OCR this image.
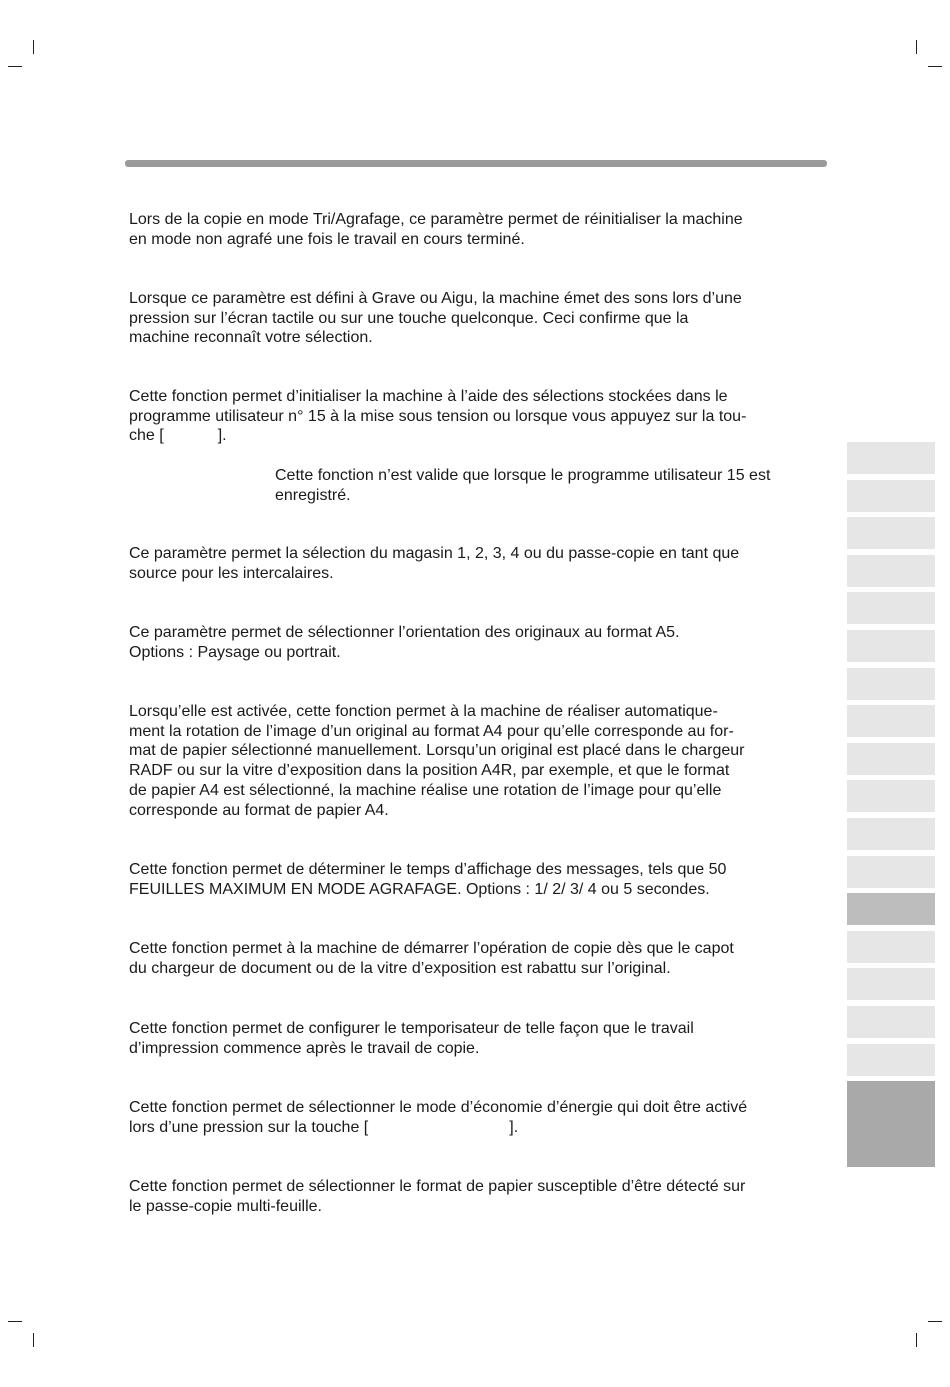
Lors de la copie en mode Tri/Agrafage, ce paramètre permet de réinitialiser la machine
en mode non agrafé une fois le travail en cours terminé.

Lorsque ce paramètre est défini à Grave ou Aigu, la machine émet des sons lors d’une
pression sur l’écran tactile ou sur une touche quelconque. Ceci confirme que la
machine reconnaît votre sélection.

Cette fonction permet d’initialiser la machine à l’aide des sélections stockées dans le
programme utilisateur n° 15 à la mise sous tension ou lorsque vous appuyez sur la tou-
che [	].

Cette fonction n’est valide que lorsque le programme utilisateur 15 est
enregistré.

Ce paramètre permet la sélection du magasin 1, 2, 3, 4 ou du passe-copie en tant que
source pour les intercalaires.

Ce paramètre permet de sélectionner l’orientation des originaux au format A5.
Options : Paysage ou portrait.

Lorsqu’elle est activée, cette fonction permet à la machine de réaliser automatique-
ment la rotation de l’image d’un original au format A4 pour qu’elle corresponde au for-
mat de papier sélectionné manuellement. Lorsqu’un original est placé dans le chargeur
RADF ou sur la vitre d’exposition dans la position A4R, par exemple, et que le format
de papier A4 est sélectionné, la machine réalise une rotation de l’image pour qu’elle
corresponde au format de papier A4.

Cette fonction permet de déterminer le temps d’affichage des messages, tels que 50
FEUILLES MAXIMUM EN MODE AGRAFAGE. Options : 1/ 2/ 3/ 4 ou 5 secondes.

Cette fonction permet à la machine de démarrer l’opération de copie dès que le capot
du chargeur de document ou de la vitre d’exposition est rabattu sur l’original.

Cette fonction permet de configurer le temporisateur de telle façon que le travail
d’impression commence après le travail de copie.

Cette fonction permet de sélectionner le mode d’économie d’énergie qui doit être activé
lors d’une pression sur la touche [	].

Cette fonction permet de sélectionner le format de papier susceptible d’être détecté sur
le passe-copie multi-feuille.
